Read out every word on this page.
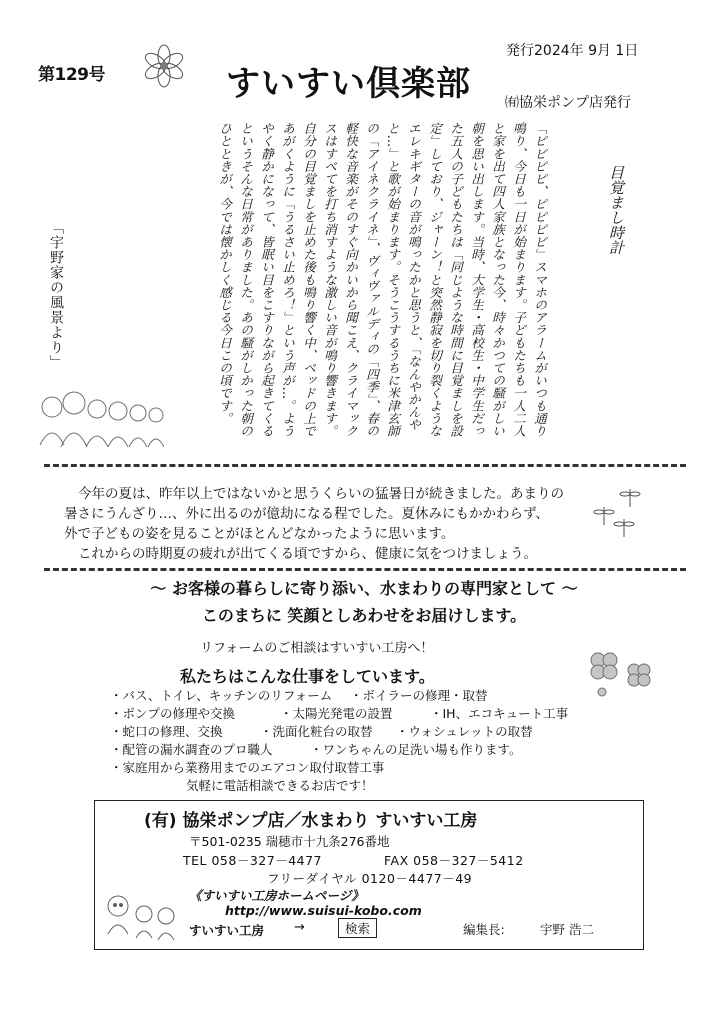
第129号	すいすい倶楽部
発行2024年 9月 1日
㈲協栄ポンプ店発行
「宇野家の風景より」
目覚まし時計
「ピピピピ、ピピピピ」スマホのアラームがいつも通り鳴り、今日も一日が始まります。子どもたちも一人二人と家を出て四人家族となった今、時々かつての騒がしい朝を思い出します。当時、大学生・高校生・中学生だった五人の子どもたちは「同じような時間に目覚ましを設定」しており、ジャーン！と突然静寂を切り裂くようなエレキギターの音が鳴ったかと思うと、「なんやかんやと…」と歌が始まります。そうこうするうちに米津玄師の「アイネクライネ」、ヴィヴァルディの「四季」、春の軽快な音楽がそのすぐ向かいから聞こえ、クライマックスはすべてを打ち消すような激しい音が鳴り響きます。自分の目覚ましを止めた後も鳴り響く中、ベッドの上であがくように「うるさい止めろ！」という声が…。ようやく静かになって、皆眠い目をこすりながら起きてくるというそんな日常がありました。あの騒がしかった朝のひとときが、今では懐かしく感じる今日この頃です。

今年の夏は、昨年以上ではないかと思うくらいの猛暑日が続きました。あまりの

暑さにうんざり…、外に出るのが億劫になる程でした。夏休みにもかかわらず、

外で子どもの姿を見ることがほとんどなかったように思います。

これからの時期夏の疲れが出てくる頃ですから、健康に気をつけましょう。

～ お客様の暮らしに寄り添い、水まわりの専門家として ～
このまちに 笑顔としあわせをお届けします。
リフォームのご相談はすいすい工房へ！
私たちはこんな仕事をしています。
・バス、トイレ、キッチンのリフォーム	・ボイラーの修理・取替
・ポンプの修理や交換	・太陽光発電の設置	・IH、エコキュート工事
・蛇口の修理、交換	・洗面化粧台の取替	・ウォシュレットの取替
・配管の漏水調査のプロ職人	・ワンちゃんの足洗い場も作ります。
・家庭用から業務用までのエアコン取付取替工事
気軽に電話相談できるお店です！
(有) 協栄ポンプ店／水まわり すいすい工房
〒501-0235 瑞穂市十九条276番地
TEL 058－327－4477	FAX 058－327－5412
フリーダイヤル 0120－4477－49
《すいすい工房ホームページ》
http://www.suisui-kobo.com
すいすい工房 →	検索	編集長:	宇野 浩二
